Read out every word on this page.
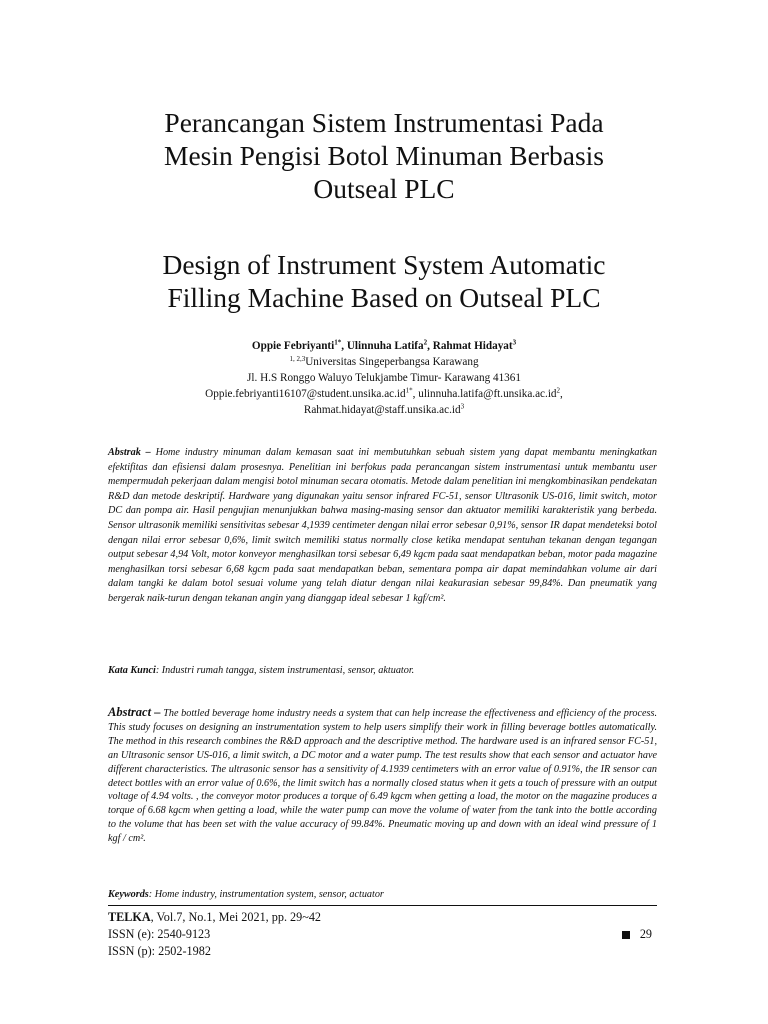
Perancangan Sistem Instrumentasi Pada
Mesin Pengisi Botol Minuman Berbasis
Outseal PLC
Design of Instrument System Automatic
Filling Machine Based on Outseal PLC
Oppie Febriyanti$^{1*}$, Ulinnuha Latifa$^2$, Rahmat Hidayat$^3$
$^{1, 2,3}$Universitas Singeperbangsa Karawang
Jl. H.S Ronggo Waluyo Telukjambe Timur- Karawang 41361
$Oppie.febriyanti16107@student.unsika.ac.id^{1*}$, $ulinnuha.latifa@ft.unsika.ac.id^2$,
$Rahmat.hidayat@staff.unsika.ac.id^3$

Abstrak – Home industry minuman dalam kemasan saat ini membutuhkan sebuah sistem yang dapat membantu meningkatkan efektifitas dan efisiensi dalam prosesnya. Penelitian ini berfokus pada perancangan sistem instrumentasi untuk membantu user mempermudah pekerjaan dalam mengisi botol minuman secara otomatis. Metode dalam penelitian ini mengkombinasikan pendekatan R&D dan metode deskriptif. Hardware yang digunakan yaitu sensor infrared FC-51, sensor Ultrasonik US-016, limit switch, motor DC dan pompa air. Hasil pengujian menunjukkan bahwa masing-masing sensor dan aktuator memiliki karakteristik yang berbeda. Sensor ultrasonik memiliki sensitivitas sebesar 4,1939 centimeter dengan nilai error sebesar 0,91%, sensor IR dapat mendeteksi botol dengan nilai error sebesar 0,6%, limit switch memiliki status normally close ketika mendapat sentuhan tekanan dengan tegangan output sebesar 4,94 Volt, motor konveyor menghasilkan torsi sebesar 6,49 kgcm pada saat mendapatkan beban, motor pada magazine menghasilkan torsi sebesar 6,68 kgcm pada saat mendapatkan beban, sementara pompa air dapat memindahkan volume air dari dalam tangki ke dalam botol sesuai volume yang telah diatur dengan nilai keakurasian sebesar 99,84%. Dan pneumatik yang bergerak naik-turun dengan tekanan angin yang dianggap ideal sebesar 1 kgf/cm².

Kata Kunci: Industri rumah tangga, sistem instrumentasi, sensor, aktuator.

Abstract – The bottled beverage home industry needs a system that can help increase the effectiveness and efficiency of the process. This study focuses on designing an instrumentation system to help users simplify their work in filling beverage bottles automatically. The method in this research combines the R&D approach and the descriptive method. The hardware used is an infrared sensor FC-51, an Ultrasonic sensor US-016, a limit switch, a DC motor and a water pump. The test results show that each sensor and actuator have different characteristics. The ultrasonic sensor has a sensitivity of 4.1939 centimeters with an error value of 0.91%, the IR sensor can detect bottles with an error value of 0.6%, the limit switch has a normally closed status when it gets a touch of pressure with an output voltage of 4.94 volts. , the conveyor motor produces a torque of 6.49 kgcm when getting a load, the motor on the magazine produces a torque of 6.68 kgcm when getting a load, while the water pump can move the volume of water from the tank into the bottle according to the volume that has been set with the value accuracy of 99.84%. Pneumatic moving up and down with an ideal wind pressure of 1 kgf / cm².

Keywords: Home industry, instrumentation system, sensor, actuator

TELKA, Vol.7, No.1, Mei 2021, pp. 29~42
ISSN (e): 2540-9123
ISSN (p): 2502-1982
29
